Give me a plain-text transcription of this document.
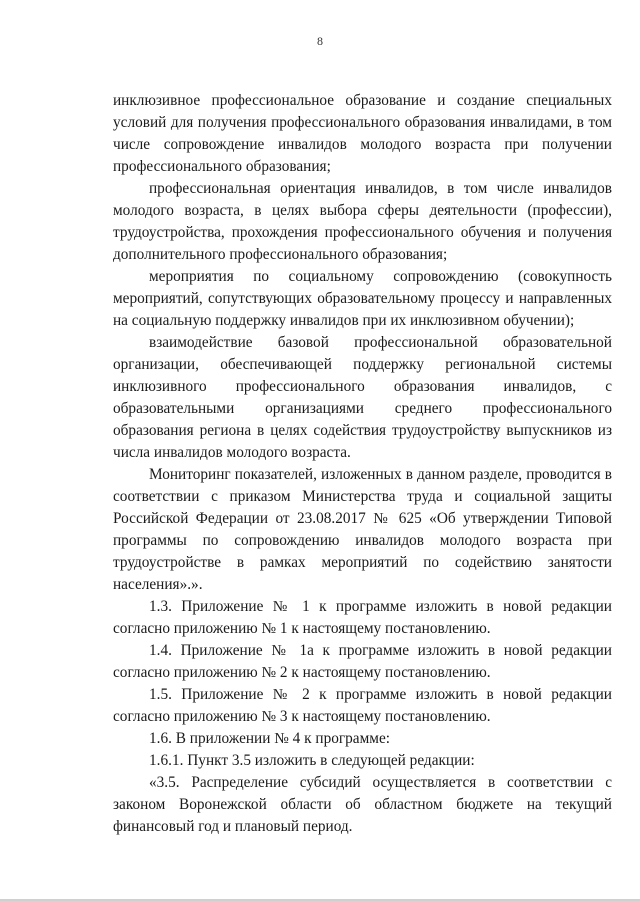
8

инклюзивное профессиональное образование и создание специальных условий для получения профессионального образования инвалидами, в том числе сопровождение инвалидов молодого возраста при получении профессионального образования;

профессиональная ориентация инвалидов, в том числе инвалидов молодого возраста, в целях выбора сферы деятельности (профессии), трудоустройства, прохождения профессионального обучения и получения дополнительного профессионального образования;

мероприятия по социальному сопровождению (совокупность мероприятий, сопутствующих образовательному процессу и направленных на социальную поддержку инвалидов при их инклюзивном обучении);

взаимодействие базовой профессиональной образовательной организации, обеспечивающей поддержку региональной системы инклюзивного профессионального образования инвалидов, с образовательными организациями среднего профессионального образования региона в целях содействия трудоустройству выпускников из числа инвалидов молодого возраста.

Мониторинг показателей, изложенных в данном разделе, проводится в соответствии с приказом Министерства труда и социальной защиты Российской Федерации от 23.08.2017 № 625 «Об утверждении Типовой программы по сопровождению инвалидов молодого возраста при трудоустройстве в рамках мероприятий по содействию занятости населения».».

1.3. Приложение № 1 к программе изложить в новой редакции согласно приложению № 1 к настоящему постановлению.

1.4. Приложение № 1а к программе изложить в новой редакции согласно приложению № 2 к настоящему постановлению.

1.5. Приложение № 2 к программе изложить в новой редакции согласно приложению № 3 к настоящему постановлению.

1.6. В приложении № 4 к программе:

1.6.1. Пункт 3.5 изложить в следующей редакции:

«3.5. Распределение субсидий осуществляется в соответствии с законом Воронежской области об областном бюджете на текущий финансовый год и плановый период.
